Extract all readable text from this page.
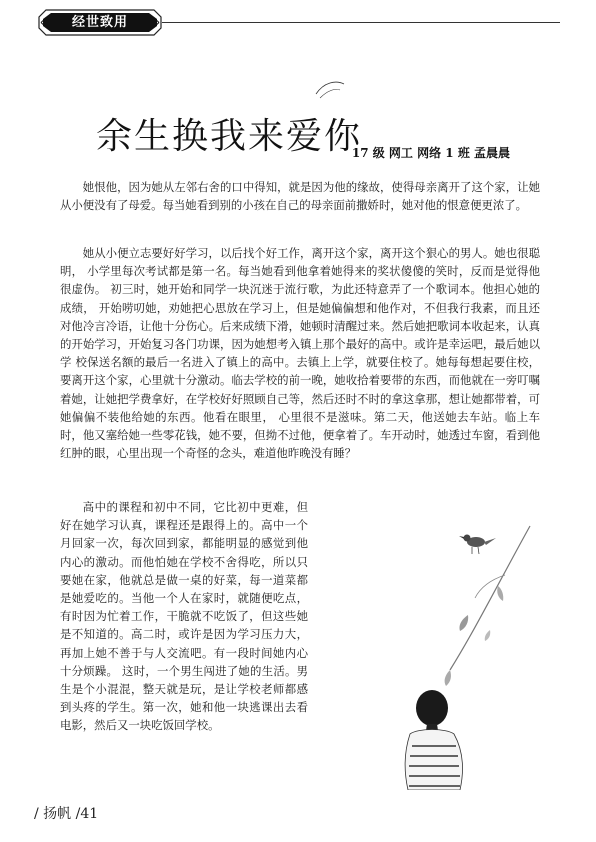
经世致用
余生换我来爱你
17 级 网工 网络 1 班 孟晨晨

她恨他，因为她从左邻右舍的口中得知，就是因为他的缘故，使得母亲离开了这个家，让她从小便没有了母爱。每当她看到别的小孩在自己的母亲面前撒娇时，她对他的恨意便更浓了。

她从小便立志要好好学习，以后找个好工作，离开这个家，离开这个狠心的男人。她也很聪明， 小学里每次考试都是第一名。每当她看到他拿着她得来的奖状傻傻的笑时，反而是觉得他很虚伪。 初三时，她开始和同学一块沉迷于流行歌，为此还特意弄了一个歌词本。他担心她的成绩， 开始唠叨她，劝她把心思放在学习上，但是她偏偏想和他作对，不但我行我素，而且还对他冷言冷语，让他十分伤心。后来成绩下滑，她顿时清醒过来。然后她把歌词本收起来，认真的开始学习，开始复习各门功课，因为她想考入镇上那个最好的高中。或许是幸运吧，最后她以学 校保送名额的最后一名进入了镇上的高中。去镇上上学，就要住校了。她每每想起要住校，要离开这个家，心里就十分激动。临去学校的前一晚，她收拾着要带的东西，而他就在一旁叮嘱着她，让她把学费拿好，在学校好好照顾自己等，然后还时不时的拿这拿那，想让她都带着，可她偏偏不装他给她的东西。他看在眼里， 心里很不是滋味。第二天，他送她去车站。临上车时，他又塞给她一些零花钱，她不要，但拗不过他，便拿着了。车开动时，她透过车窗，看到他红肿的眼，心里出现一个奇怪的念头，难道他昨晚没有睡？

高中的课程和初中不同，它比初中更难，但好在她学习认真，课程还是跟得上的。高中一个月回家一次，每次回到家，都能明显的感觉到他内心的激动。而他怕她在学校不舍得吃，所以只要她在家，他就总是做一桌的好菜，每一道菜都是她爱吃的。当他一个人在家时，就随便吃点， 有时因为忙着工作，干脆就不吃饭了，但这些她是不知道的。高二时，或许是因为学习压力大，再加上她不善于与人交流吧。有一段时间她内心十分烦躁。 这时，一个男生闯进了她的生活。男生是个小混混，整天就是玩，是让学校老师都感到头疼的学生。第一次，她和他一块逃课出去看电影，然后又一块吃饭回学校。

/ 扬帆 /41
